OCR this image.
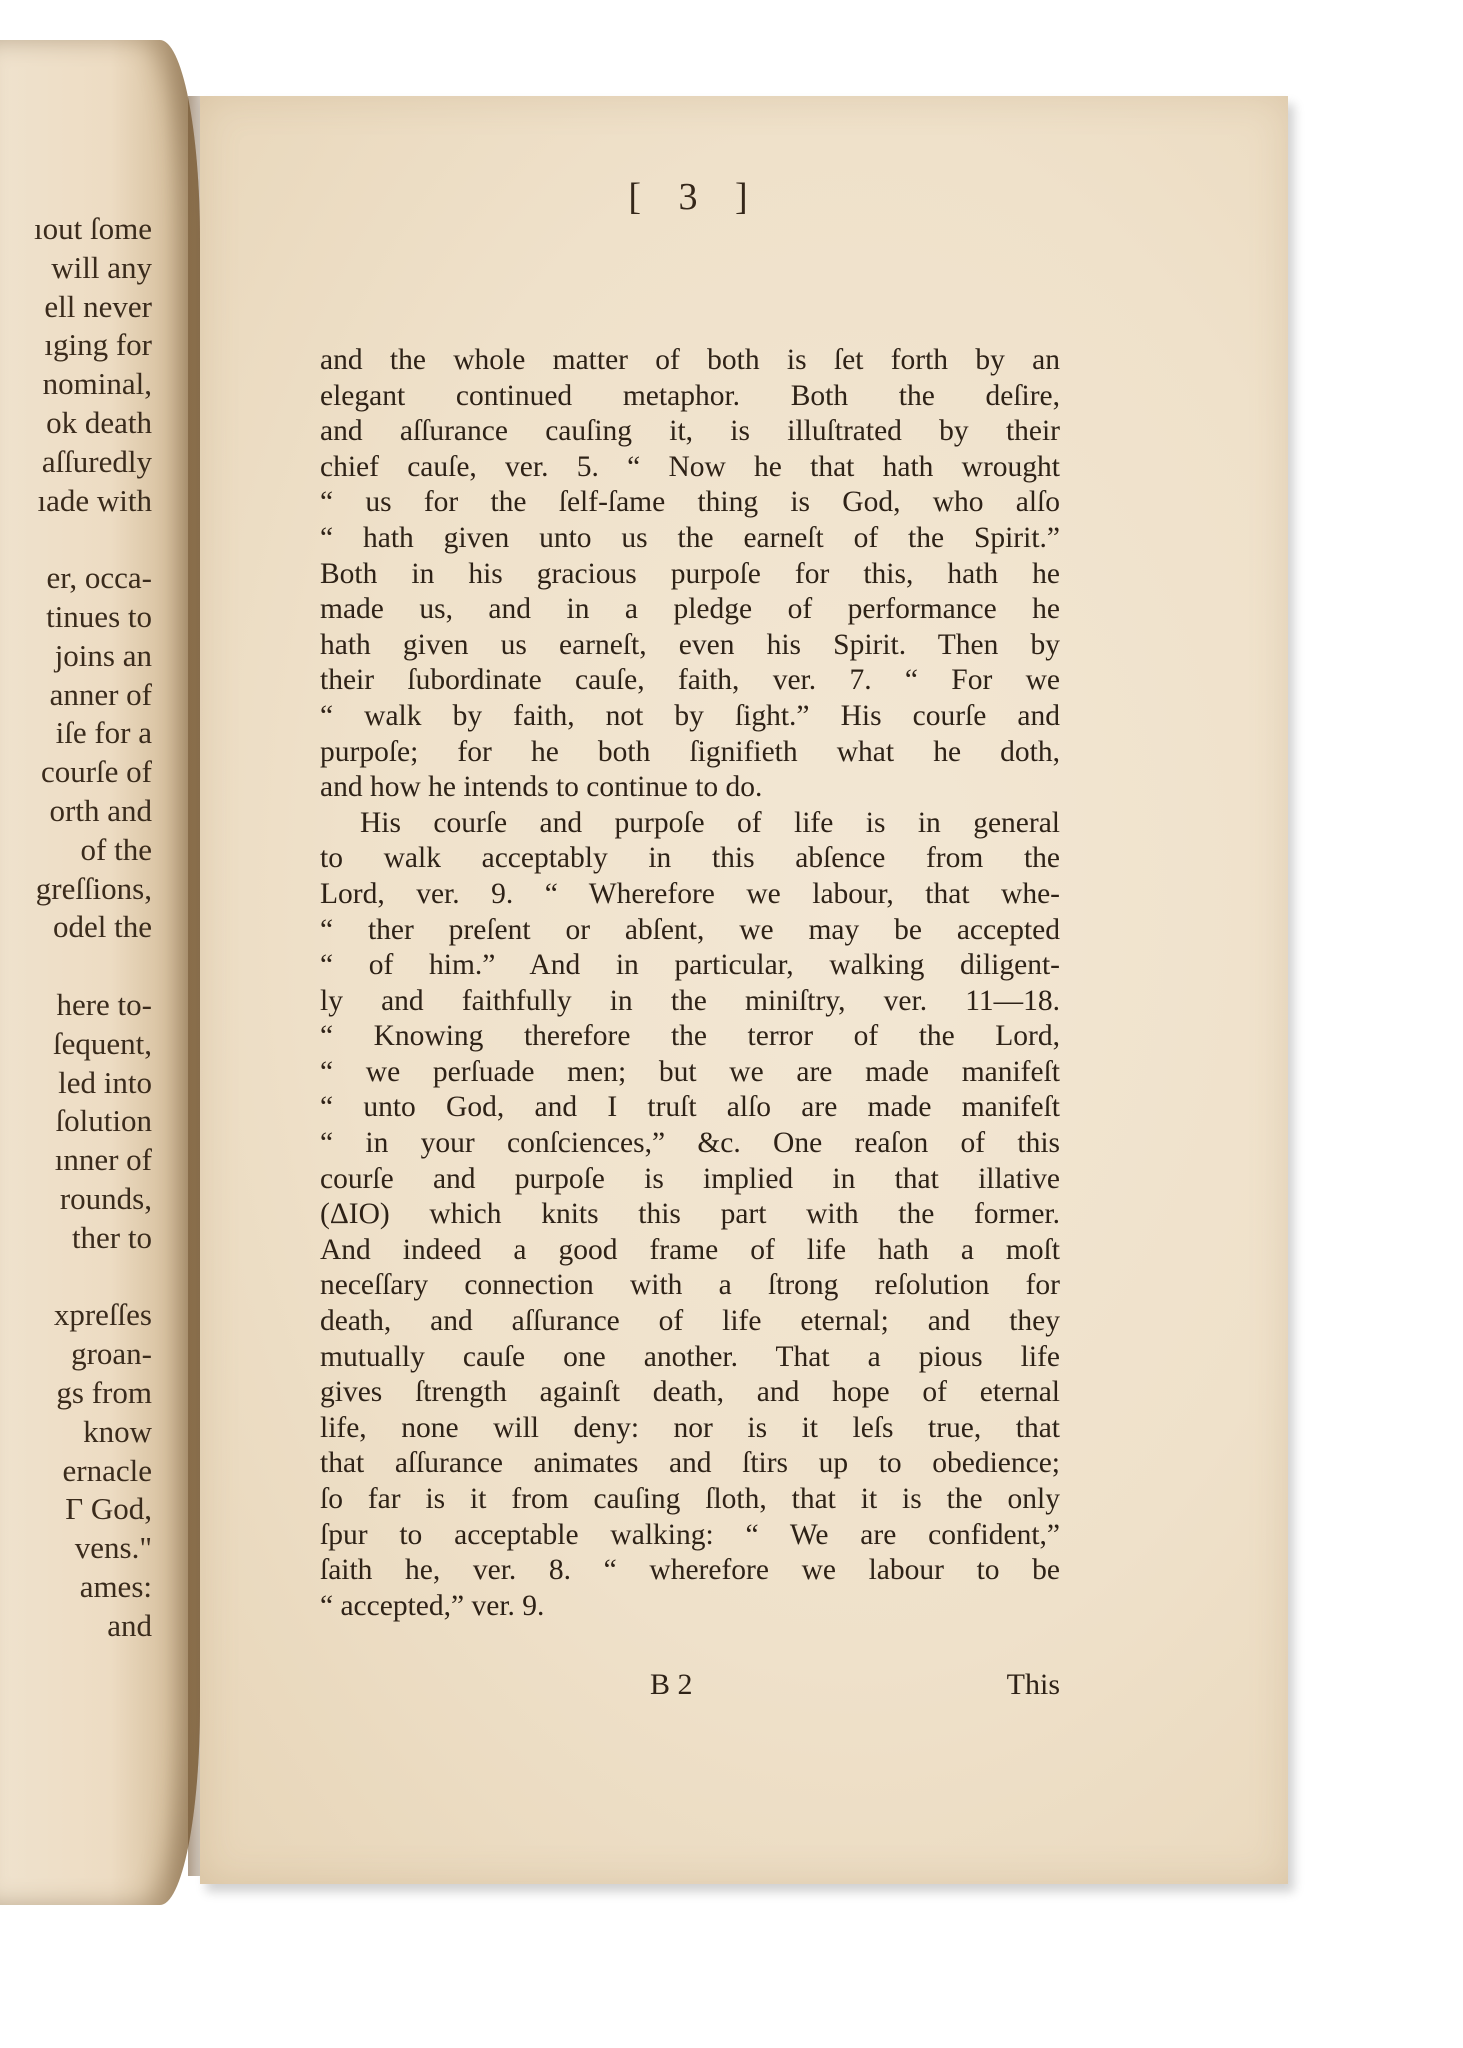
ıout ſome
will any
ell never
ıging for
nominal,
ok death
aſſuredly
ıade with
er, occa-
tinues to
joins an
anner of
iſe for a
courſe of
orth and
of the
greſſions,
odel the
here to-
ſequent,
led into
ſolution
ınner of
rounds,
ther to
xpreſſes
groan-
gs from
know
ernacle
Γ God,
vens."
ames:
and
[ 3 ]
and the whole matter of both is ſet forth by an
elegant continued metaphor. Both the deſire,
and aſſurance cauſing it, is illuſtrated by their
chief cauſe, ver. 5. “ Now he that hath wrought
“ us for the ſelf-ſame thing is God, who alſo
“ hath given unto us the earneſt of the Spirit.”
Both in his gracious purpoſe for this, hath he
made us, and in a pledge of performance he
hath given us earneſt, even his Spirit. Then by
their ſubordinate cauſe, faith, ver. 7. “ For we
“ walk by faith, not by ſight.” His courſe and
purpoſe; for he both ſignifieth what he doth,
and how he intends to continue to do.
His courſe and purpoſe of life is in general
to walk acceptably in this abſence from the
Lord, ver. 9. “ Wherefore we labour, that whe-
“ ther preſent or abſent, we may be accepted
“ of him.” And in particular, walking diligent-
ly and faithfully in the miniſtry, ver. 11—18.
“ Knowing therefore the terror of the Lord,
“ we perſuade men; but we are made manifeſt
“ unto God, and I truſt alſo are made manifeſt
“ in your conſciences,” &c. One reaſon of this
courſe and purpoſe is implied in that illative
(ΔΙΟ) which knits this part with the former.
And indeed a good frame of life hath a moſt
neceſſary connection with a ſtrong reſolution for
death, and aſſurance of life eternal; and they
mutually cauſe one another. That a pious life
gives ſtrength againſt death, and hope of eternal
life, none will deny: nor is it leſs true, that
that aſſurance animates and ſtirs up to obedience;
ſo far is it from cauſing ſloth, that it is the only
ſpur to acceptable walking: “ We are confident,”
ſaith he, ver. 8. “ wherefore we labour to be
“ accepted,” ver. 9.
B 2	This
